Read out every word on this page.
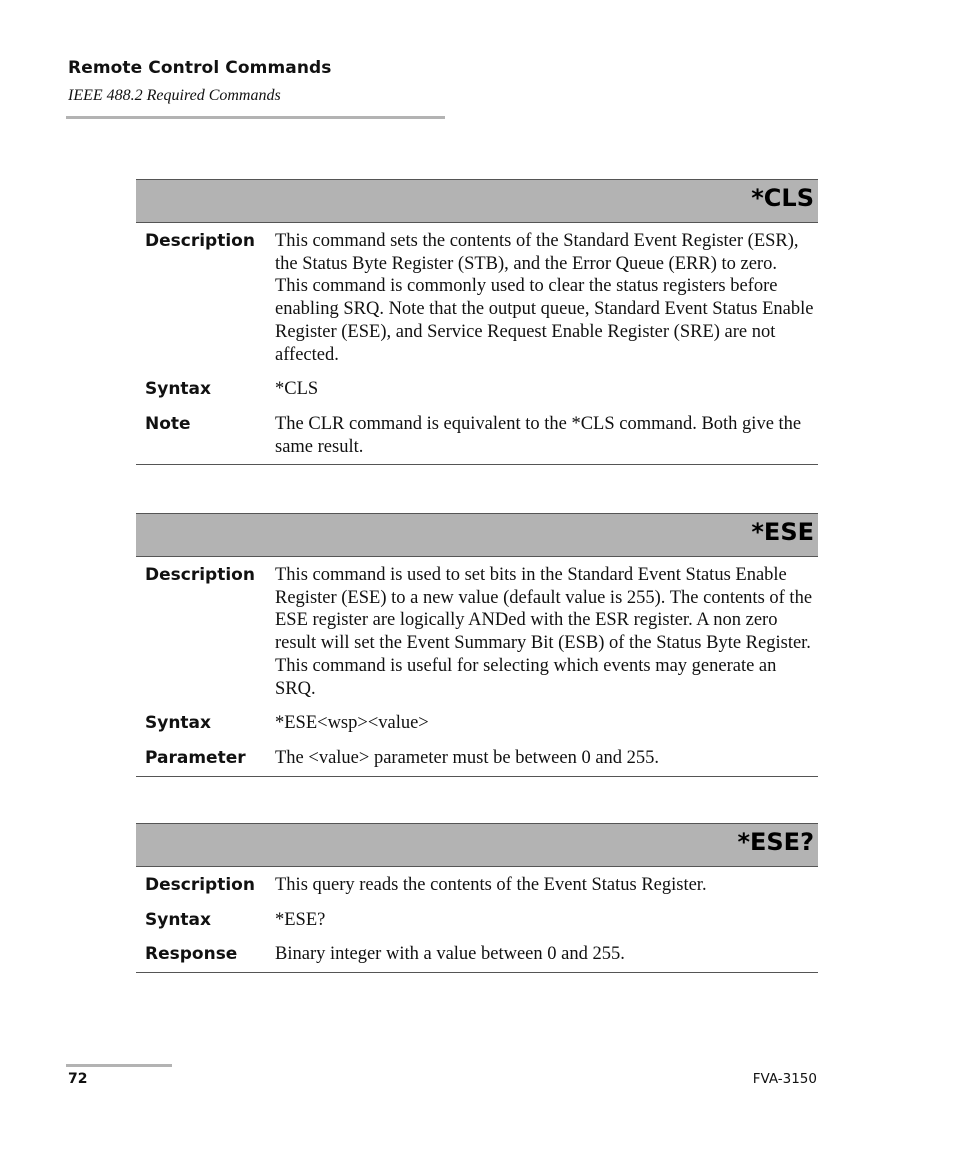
Remote Control Commands
IEEE 488.2 Required Commands
*CLS
Description	This command sets the contents of the Standard Event Register (ESR), the Status Byte Register (STB), and the Error Queue (ERR) to zero. This command is commonly used to clear the status registers before enabling SRQ. Note that the output queue, Standard Event Status Enable Register (ESE), and Service Request Enable Register (SRE) are not affected.
Syntax	*CLS
Note	The CLR command is equivalent to the *CLS command. Both give the same result.
*ESE
Description	This command is used to set bits in the Standard Event Status Enable Register (ESE) to a new value (default value is 255). The contents of the ESE register are logically ANDed with the ESR register. A non zero result will set the Event Summary Bit (ESB) of the Status Byte Register. This command is useful for selecting which events may generate an SRQ.
Syntax	*ESE<wsp><value>
Parameter	The <value> parameter must be between 0 and 255.
*ESE?
Description	This query reads the contents of the Event Status Register.
Syntax	*ESE?
Response	Binary integer with a value between 0 and 255.
72	FVA-3150
